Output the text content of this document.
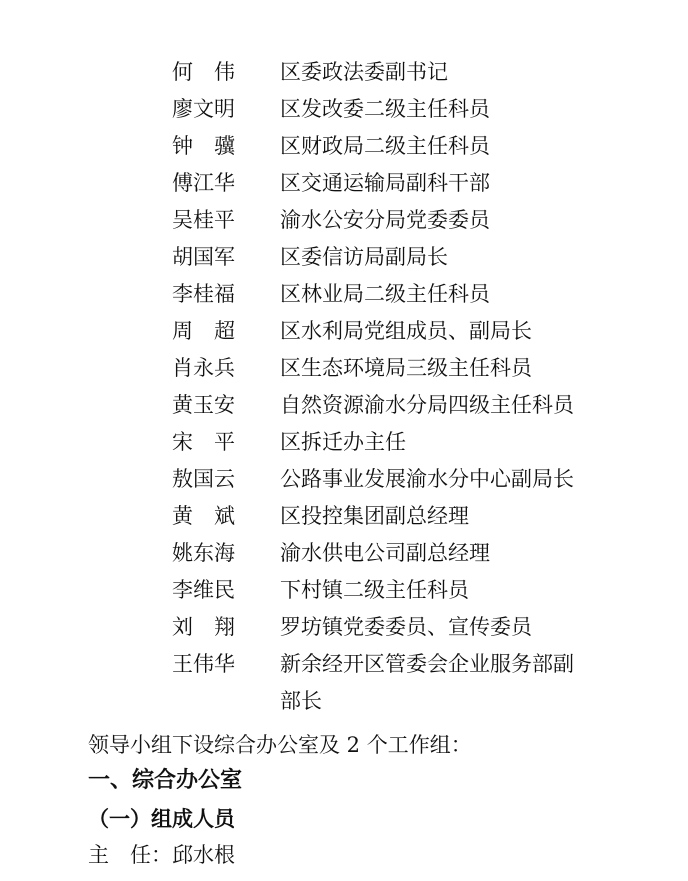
何　伟	区委政法委副书记
廖文明	区发改委二级主任科员
钟　骥	区财政局二级主任科员
傅江华	区交通运输局副科干部
吴桂平	渝水公安分局党委委员
胡国军	区委信访局副局长
李桂福	区林业局二级主任科员
周　超	区水利局党组成员、副局长
肖永兵	区生态环境局三级主任科员
黄玉安	自然资源渝水分局四级主任科员
宋　平	区拆迁办主任
敖国云	公路事业发展渝水分中心副局长
黄　斌	区投控集团副总经理
姚东海	渝水供电公司副总经理
李维民	下村镇二级主任科员
刘　翔	罗坊镇党委委员、宣传委员
王伟华	新余经开区管委会企业服务部副部长
领导小组下设综合办公室及 2 个工作组：
一、综合办公室
（一）组成人员
主　任：邱水根
